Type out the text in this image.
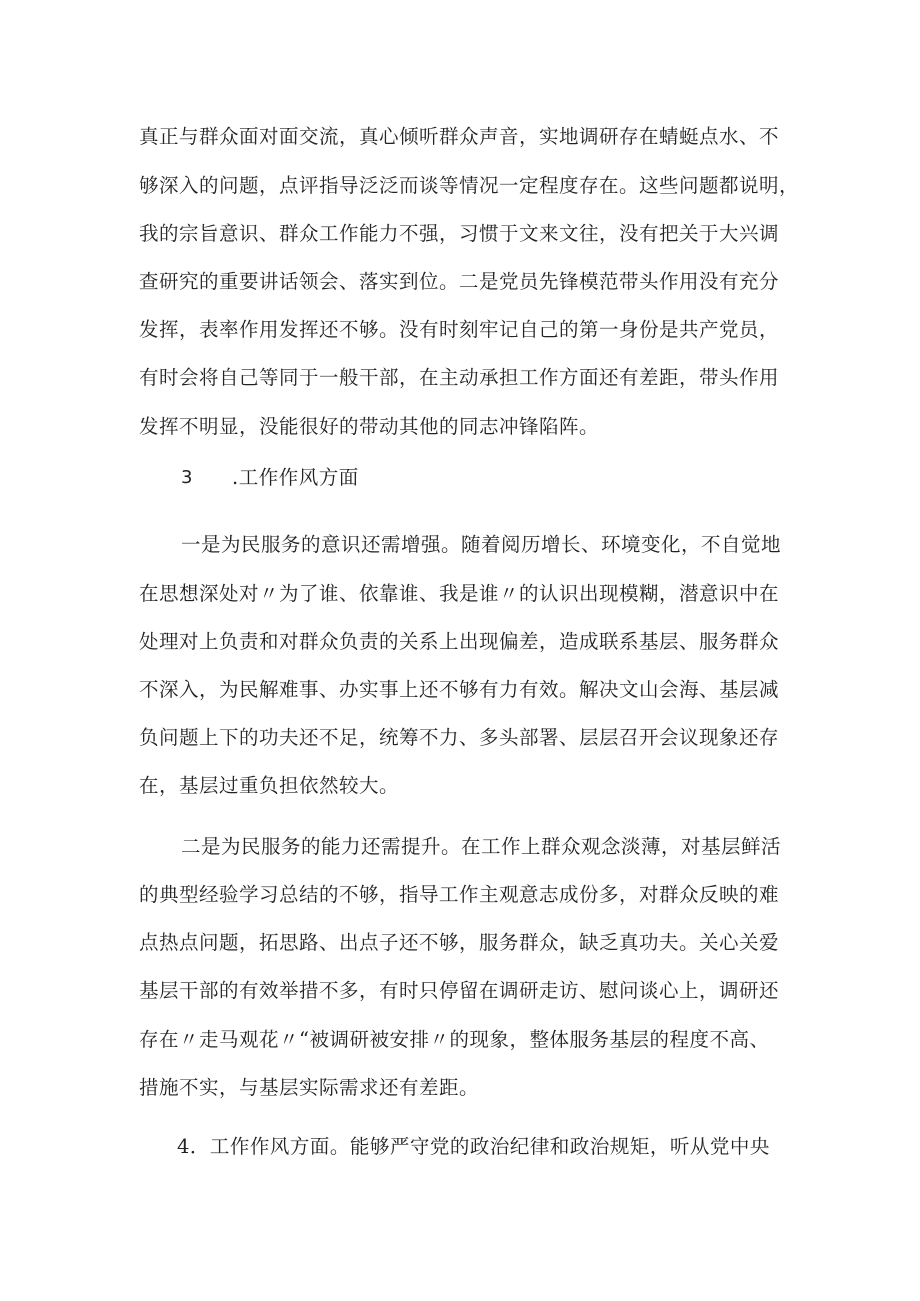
真正与群众面对面交流，真心倾听群众声音，实地调研存在蜻蜓点水、不
够深入的问题，点评指导泛泛而谈等情况一定程度存在。这些问题都说明，
我的宗旨意识、群众工作能力不强，习惯于文来文往，没有把关于大兴调
查研究的重要讲话领会、落实到位。二是党员先锋模范带头作用没有充分
发挥，表率作用发挥还不够。没有时刻牢记自己的第一身份是共产党员，
有时会将自己等同于一般干部，在主动承担工作方面还有差距，带头作用
发挥不明显，没能很好的带动其他的同志冲锋陷阵。
3 .工作作风方面
一是为民服务的意识还需增强。随着阅历增长、环境变化，不自觉地
在思想深处对〃为了谁、依靠谁、我是谁〃的认识出现模糊，潜意识中在
处理对上负责和对群众负责的关系上出现偏差，造成联系基层、服务群众
不深入，为民解难事、办实事上还不够有力有效。解决文山会海、基层减
负问题上下的功夫还不足，统筹不力、多头部署、层层召开会议现象还存
在，基层过重负担依然较大。
二是为民服务的能力还需提升。在工作上群众观念淡薄，对基层鲜活
的典型经验学习总结的不够，指导工作主观意志成份多，对群众反映的难
点热点问题，拓思路、出点子还不够，服务群众，缺乏真功夫。关心关爱
基层干部的有效举措不多，有时只停留在调研走访、慰问谈心上，调研还
存在〃走马观花〃“被调研被安排〃的现象，整体服务基层的程度不高、
措施不实，与基层实际需求还有差距。
4．工作作风方面。能够严守党的政治纪律和政治规矩，听从党中央
